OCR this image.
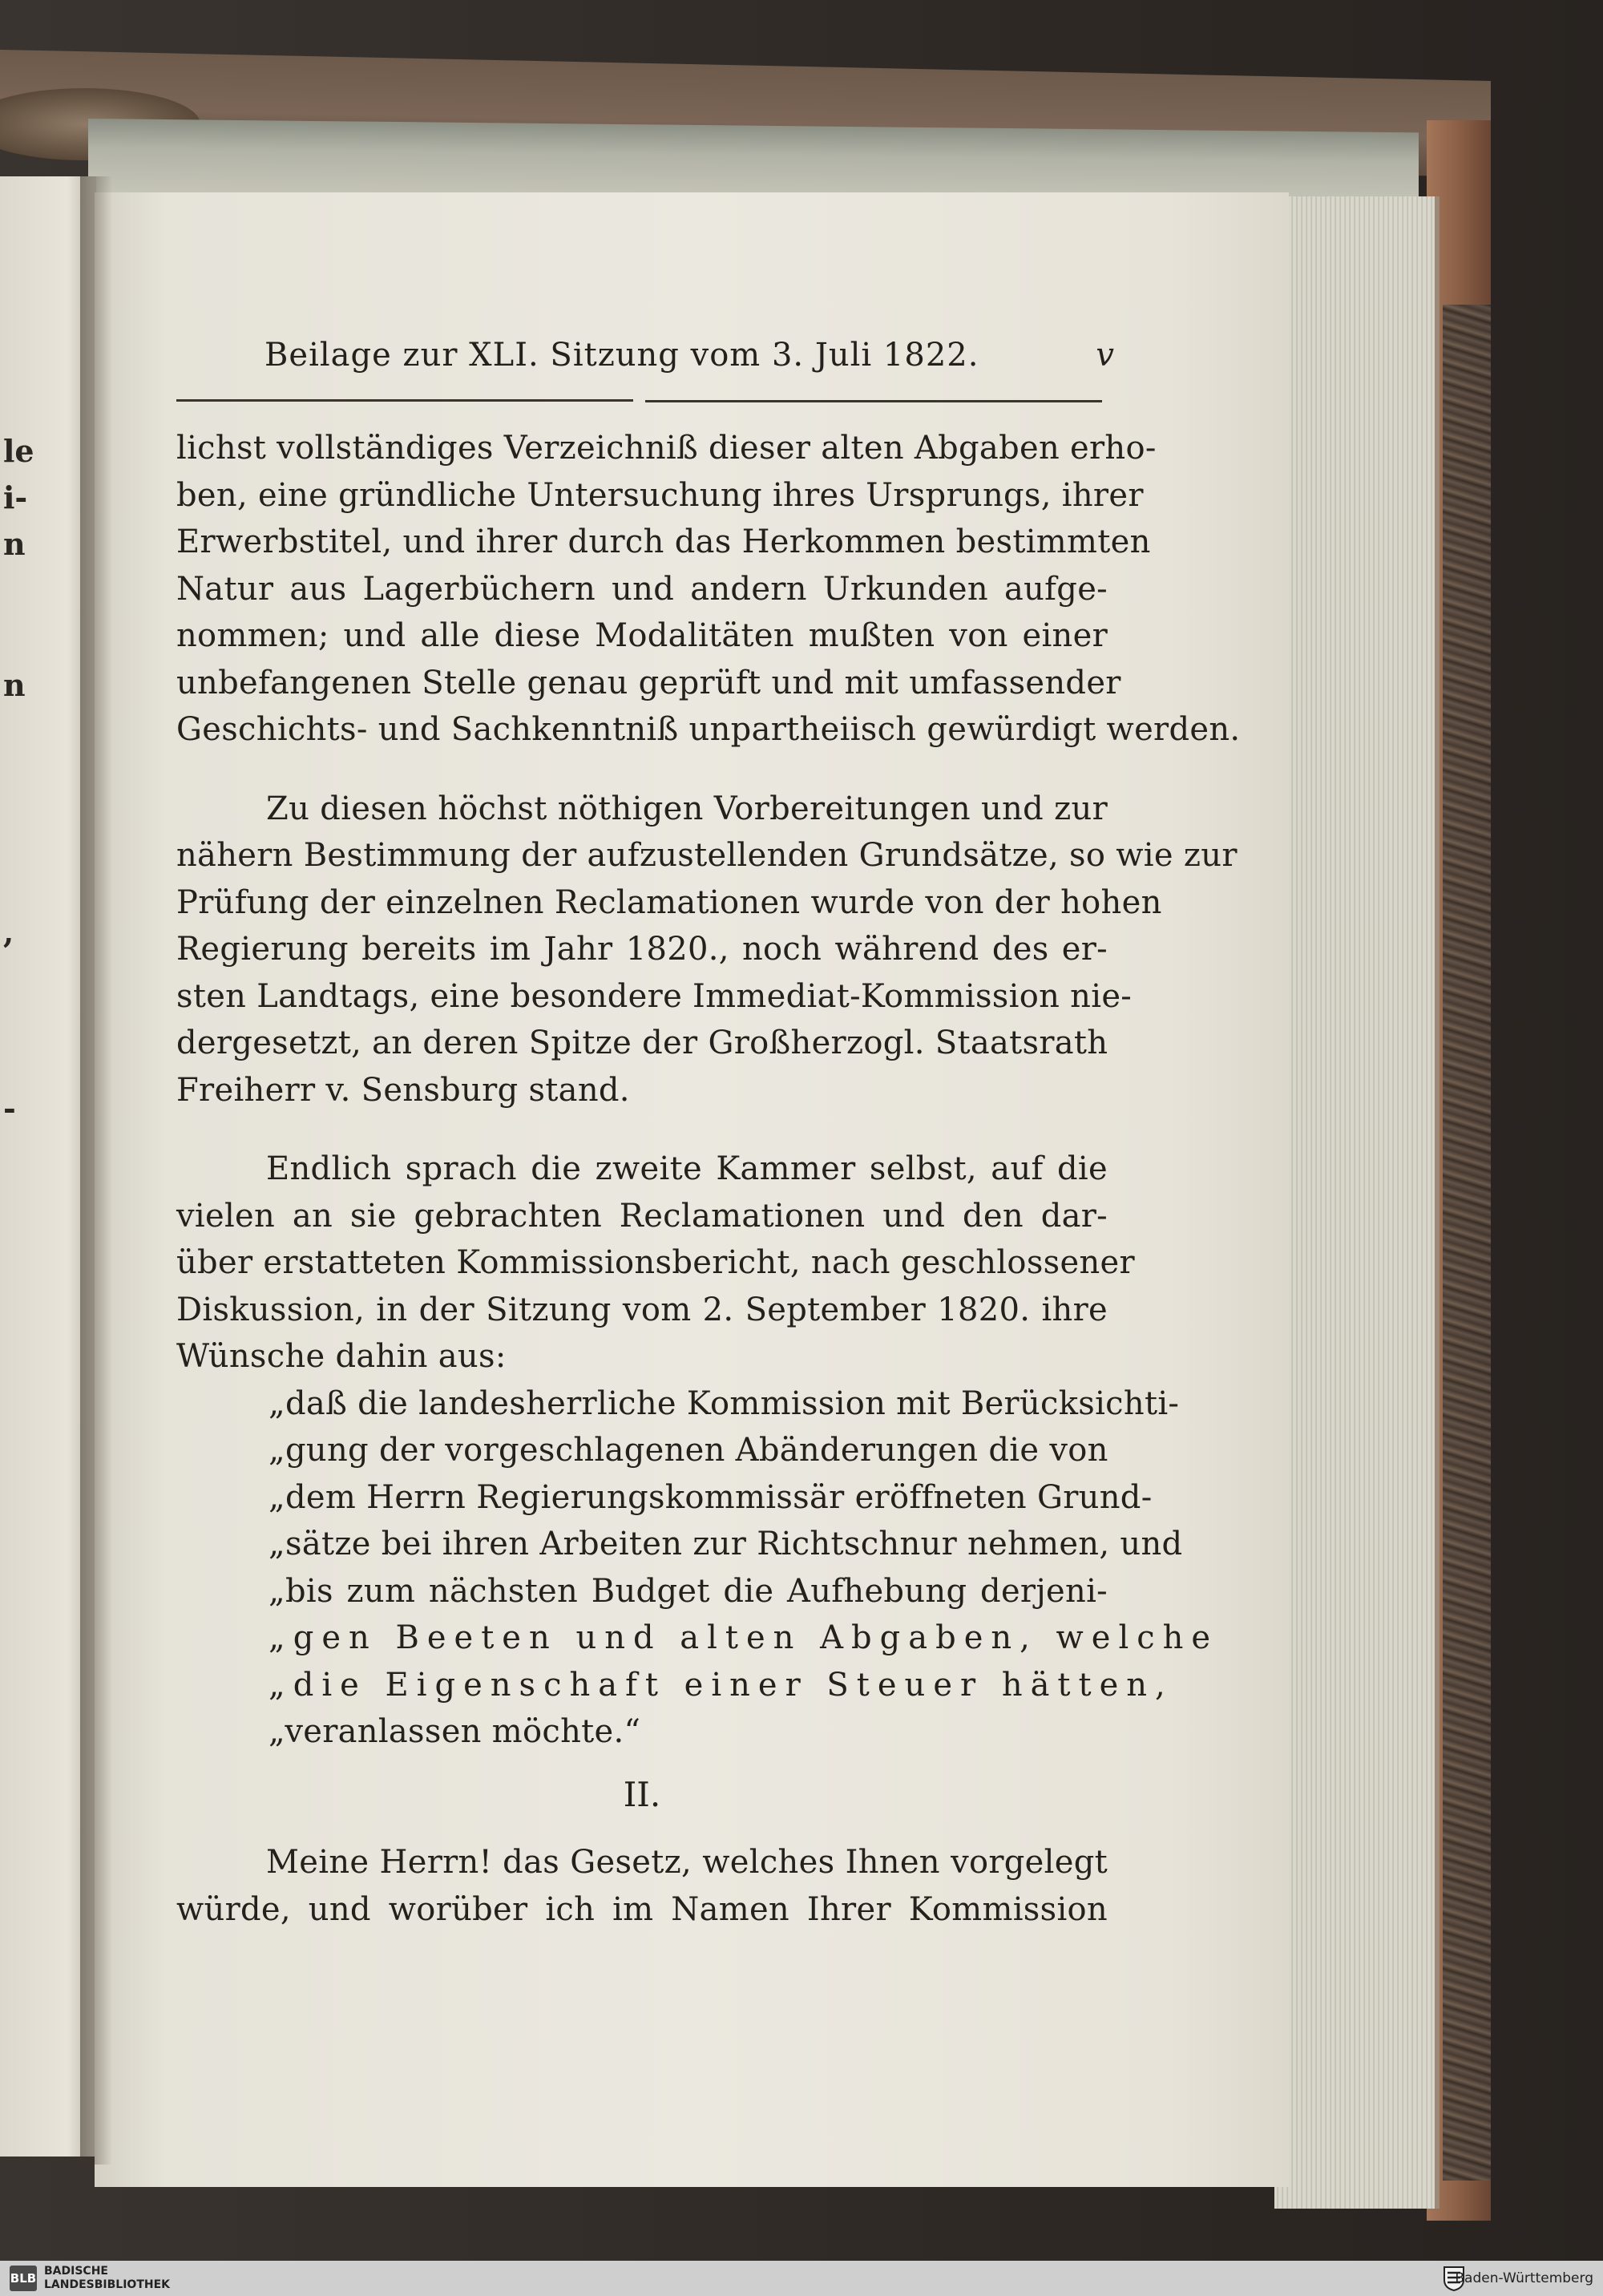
le
i-
n
n
,
-
Beilage zur XLI. Sitzung vom 3. Juli 1822.	v
lichst vollständiges Verzeichniß dieser alten Abgaben erho-
ben, eine gründliche Untersuchung ihres Ursprungs, ihrer
Erwerbstitel, und ihrer durch das Herkommen bestimmten
Natur aus Lagerbüchern und andern Urkunden aufge-
nommen; und alle diese Modalitäten mußten von einer
unbefangenen Stelle genau geprüft und mit umfassender
Geschichts- und Sachkenntniß unpartheiisch gewürdigt werden.
Zu diesen höchst nöthigen Vorbereitungen und zur
nähern Bestimmung der aufzustellenden Grundsätze, so wie zur
Prüfung der einzelnen Reclamationen wurde von der hohen
Regierung bereits im Jahr 1820., noch während des er-
sten Landtags, eine besondere Immediat-Kommission nie-
dergesetzt, an deren Spitze der Großherzogl. Staatsrath
Freiherr v. Sensburg stand.
Endlich sprach die zweite Kammer selbst, auf die
vielen an sie gebrachten Reclamationen und den dar-
über erstatteten Kommissionsbericht, nach geschlossener
Diskussion, in der Sitzung vom 2. September 1820. ihre
Wünsche dahin aus:
„daß die landesherrliche Kommission mit Berücksichti-
„gung der vorgeschlagenen Abänderungen die von
„dem Herrn Regierungskommissär eröffneten Grund-
„sätze bei ihren Arbeiten zur Richtschnur nehmen, und
„bis zum nächsten Budget die Aufhebung derjeni-
„gen Beeten und alten Abgaben, welche
„die Eigenschaft einer Steuer hätten,
„veranlassen möchte.“
II.
Meine Herrn! das Gesetz, welches Ihnen vorgelegt
würde, und worüber ich im Namen Ihrer Kommission
BLB BADISCHE
LANDESBIBLIOTHEK	Baden-Württemberg
